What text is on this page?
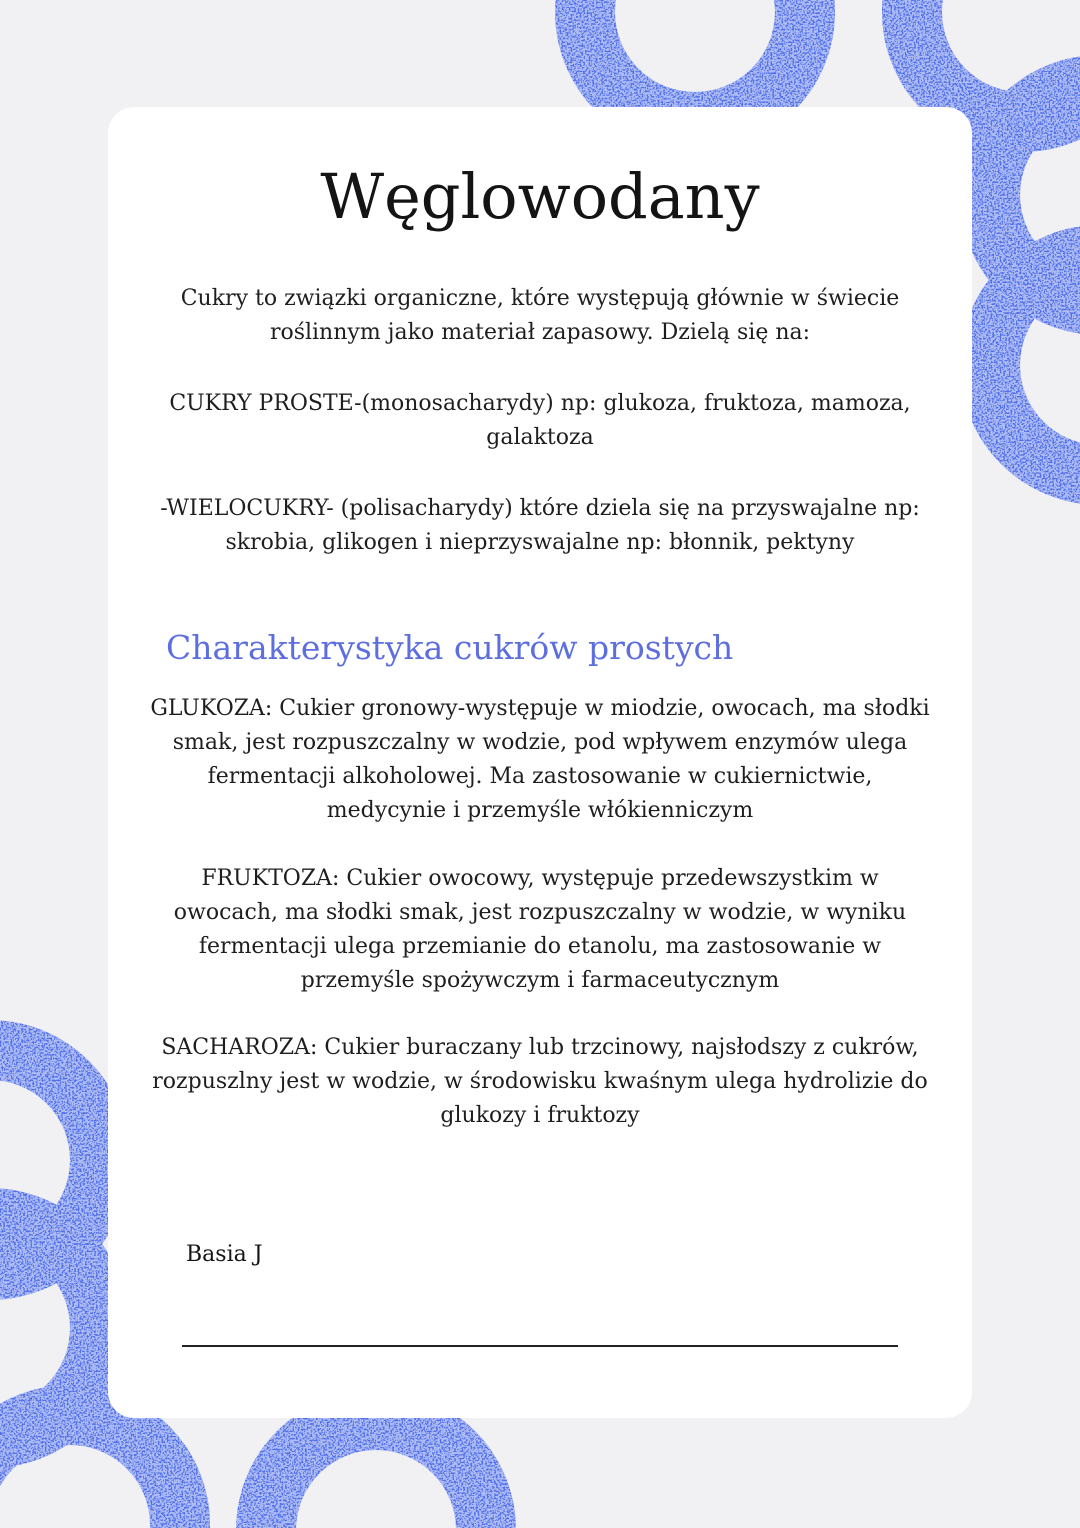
Węglowodany

Cukry to związki organiczne, które występują głównie w świecie roślinnym jako materiał zapasowy. Dzielą się na:

CUKRY PROSTE-(monosacharydy) np: glukoza, fruktoza, mamoza, galaktoza

-WIELOCUKRY- (polisacharydy) które dziela się na przyswajalne np: skrobia, glikogen i nieprzyswajalne np: błonnik, pektyny

Charakterystyka cukrów prostych

GLUKOZA: Cukier gronowy-występuje w miodzie, owocach, ma słodki smak, jest rozpuszczalny w wodzie, pod wpływem enzymów ulega fermentacji alkoholowej. Ma zastosowanie w cukiernictwie, medycynie i przemyśle włókienniczym

FRUKTOZA: Cukier owocowy, występuje przedewszystkim w owocach, ma słodki smak, jest rozpuszczalny w wodzie, w wyniku fermentacji ulega przemianie do etanolu, ma zastosowanie w przemyśle spożywczym i farmaceutycznym

SACHAROZA: Cukier buraczany lub trzcinowy, najsłodszy z cukrów, rozpuszlny jest w wodzie, w środowisku kwaśnym ulega hydrolizie do glukozy i fruktozy

Basia J
